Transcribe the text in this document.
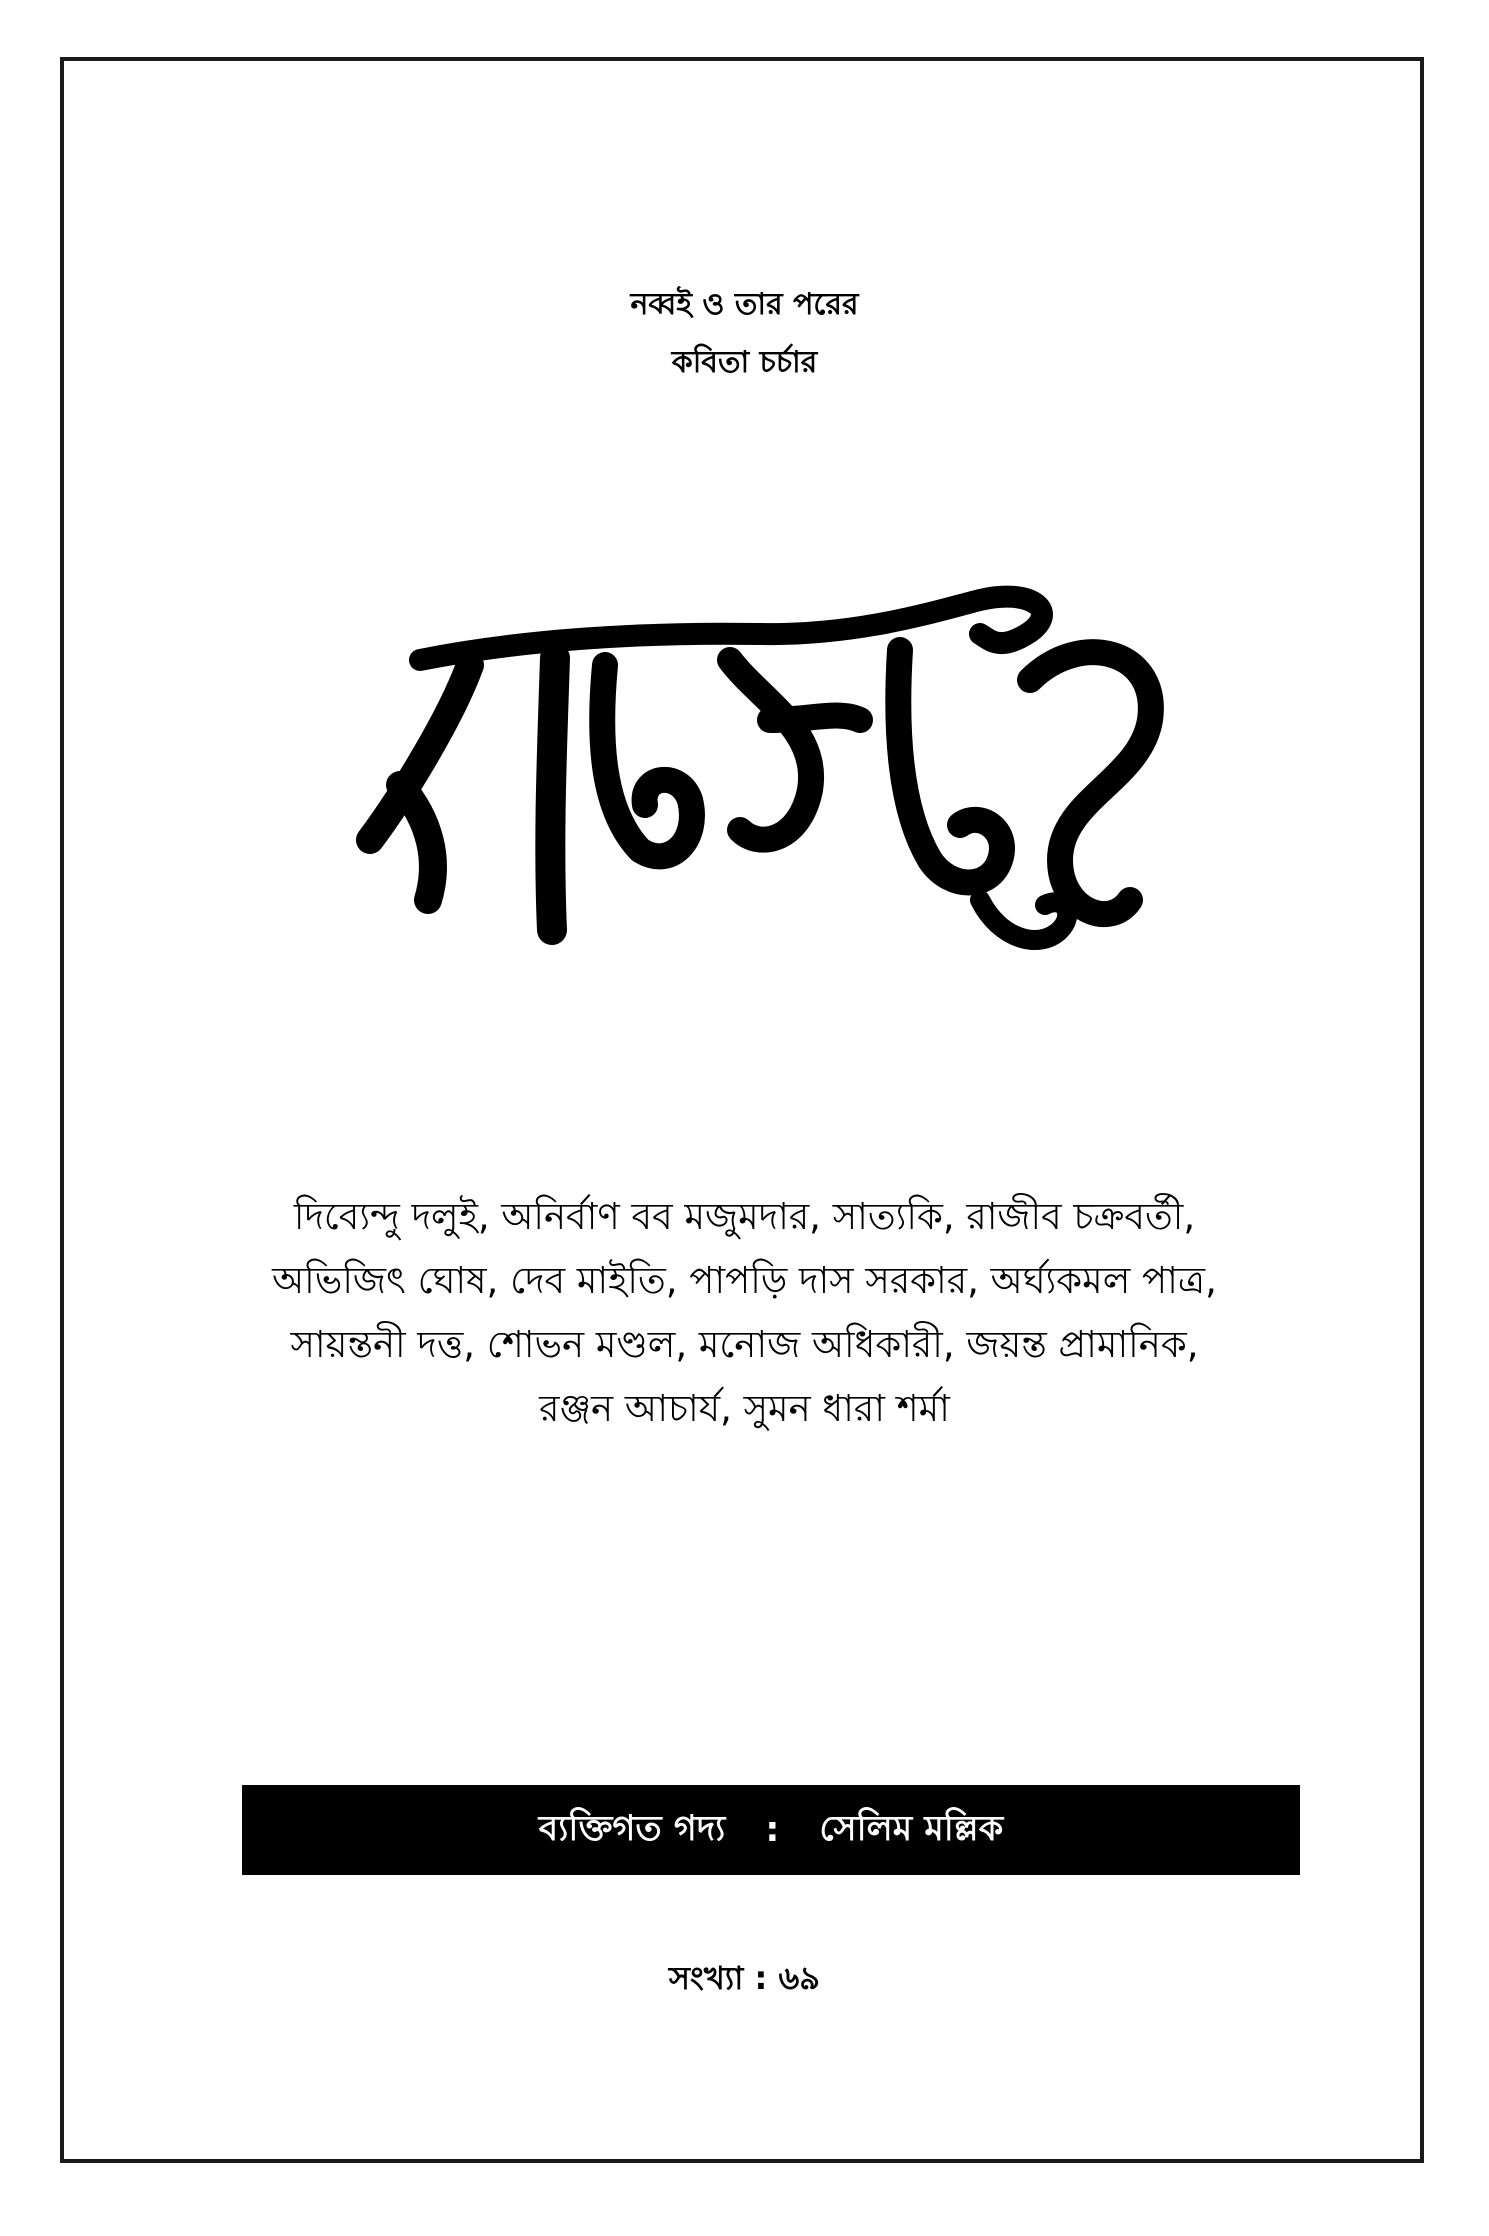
নব্বই ও তার পরের
কবিতা চর্চার
দিব্যেন্দু দলুই, অনির্বাণ বব মজুমদার, সাত্যকি, রাজীব চক্রবর্তী,
অভিজিৎ ঘোষ, দেব মাইতি, পাপড়ি দাস সরকার, অর্ঘ্যকমল পাত্র,
সায়ন্তনী দত্ত, শোভন মণ্ডল, মনোজ অধিকারী, জয়ন্ত প্রামানিক,
রঞ্জন আচার্য, সুমন ধারা শর্মা
ব্যক্তিগত গদ্য : সেলিম মল্লিক
সংখ্যা : ৬৯
